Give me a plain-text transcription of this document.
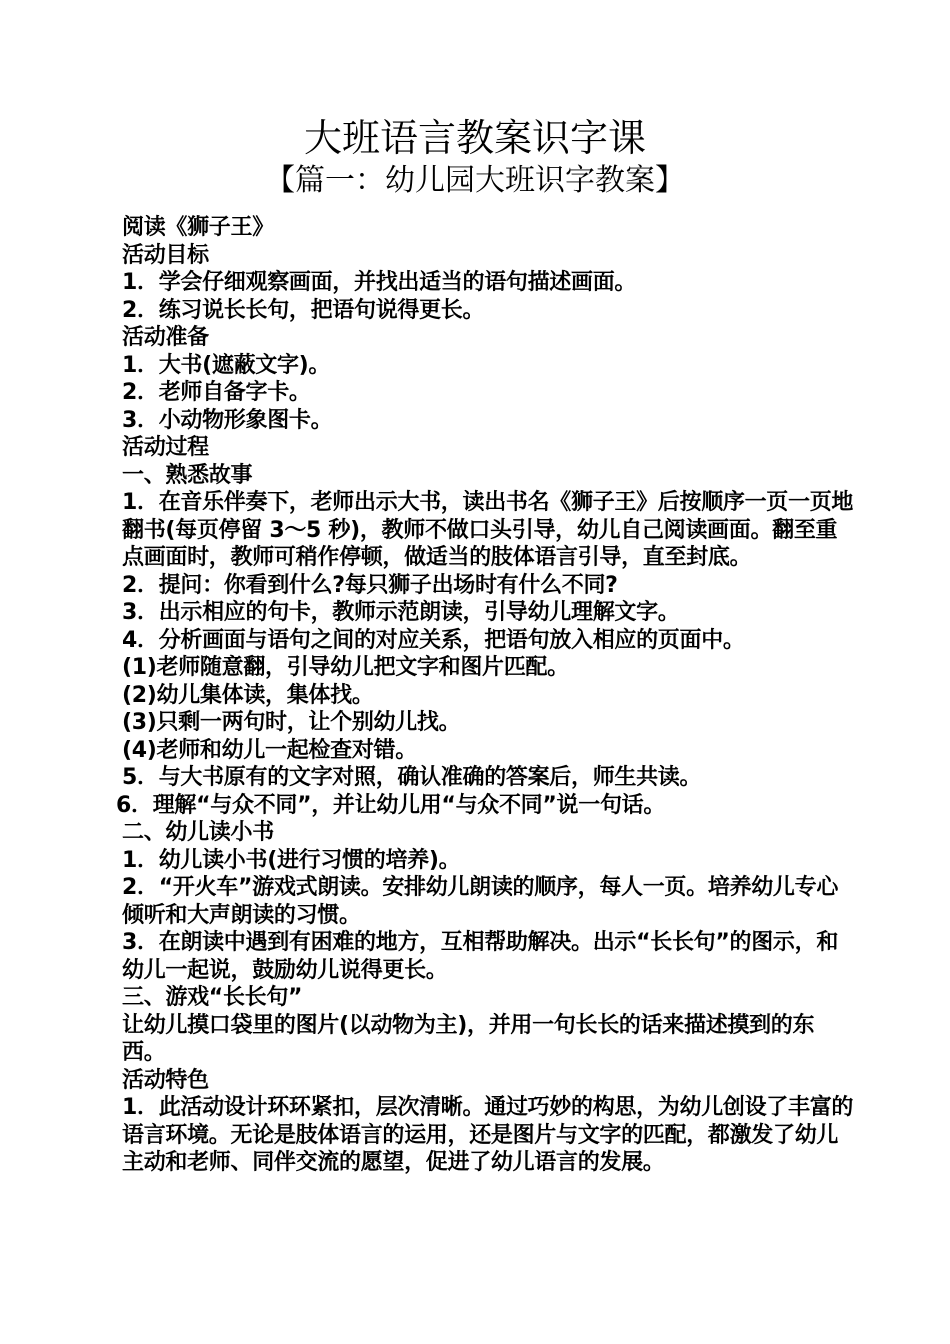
大班语言教案识字课
【篇一：幼儿园大班识字教案】

阅读《狮子王》

活动目标

1．学会仔细观察画面，并找出适当的语句描述画面。

2．练习说长长句，把语句说得更长。

活动准备

1．大书(遮蔽文字)。

2．老师自备字卡。

3．小动物形象图卡。

活动过程

一、熟悉故事

1．在音乐伴奏下，老师出示大书，读出书名《狮子王》后按顺序一页一页地翻书(每页停留 3～5 秒)，教师不做口头引导，幼儿自己阅读画面。翻至重点画面时，教师可稍作停顿，做适当的肢体语言引导，直至封底。

2．提问：你看到什么?每只狮子出场时有什么不同?

3．出示相应的句卡，教师示范朗读，引导幼儿理解文字。

4．分析画面与语句之间的对应关系，把语句放入相应的页面中。

(1)老师随意翻，引导幼儿把文字和图片匹配。

(2)幼儿集体读，集体找。

(3)只剩一两句时，让个别幼儿找。

(4)老师和幼儿一起检查对错。

5．与大书原有的文字对照，确认准确的答案后，师生共读。

6．理解“与众不同”，并让幼儿用“与众不同”说一句话。

二、幼儿读小书

1．幼儿读小书(进行习惯的培养)。

2．“开火车”游戏式朗读。安排幼儿朗读的顺序，每人一页。培养幼儿专心倾听和大声朗读的习惯。

3．在朗读中遇到有困难的地方，互相帮助解决。出示“长长句”的图示，和幼儿一起说，鼓励幼儿说得更长。

三、游戏“长长句”

让幼儿摸口袋里的图片(以动物为主)，并用一句长长的话来描述摸到的东西。

活动特色

1．此活动设计环环紧扣，层次清晰。通过巧妙的构思，为幼儿创设了丰富的语言环境。无论是肢体语言的运用，还是图片与文字的匹配，都激发了幼儿主动和老师、同伴交流的愿望，促进了幼儿语言的发展。
